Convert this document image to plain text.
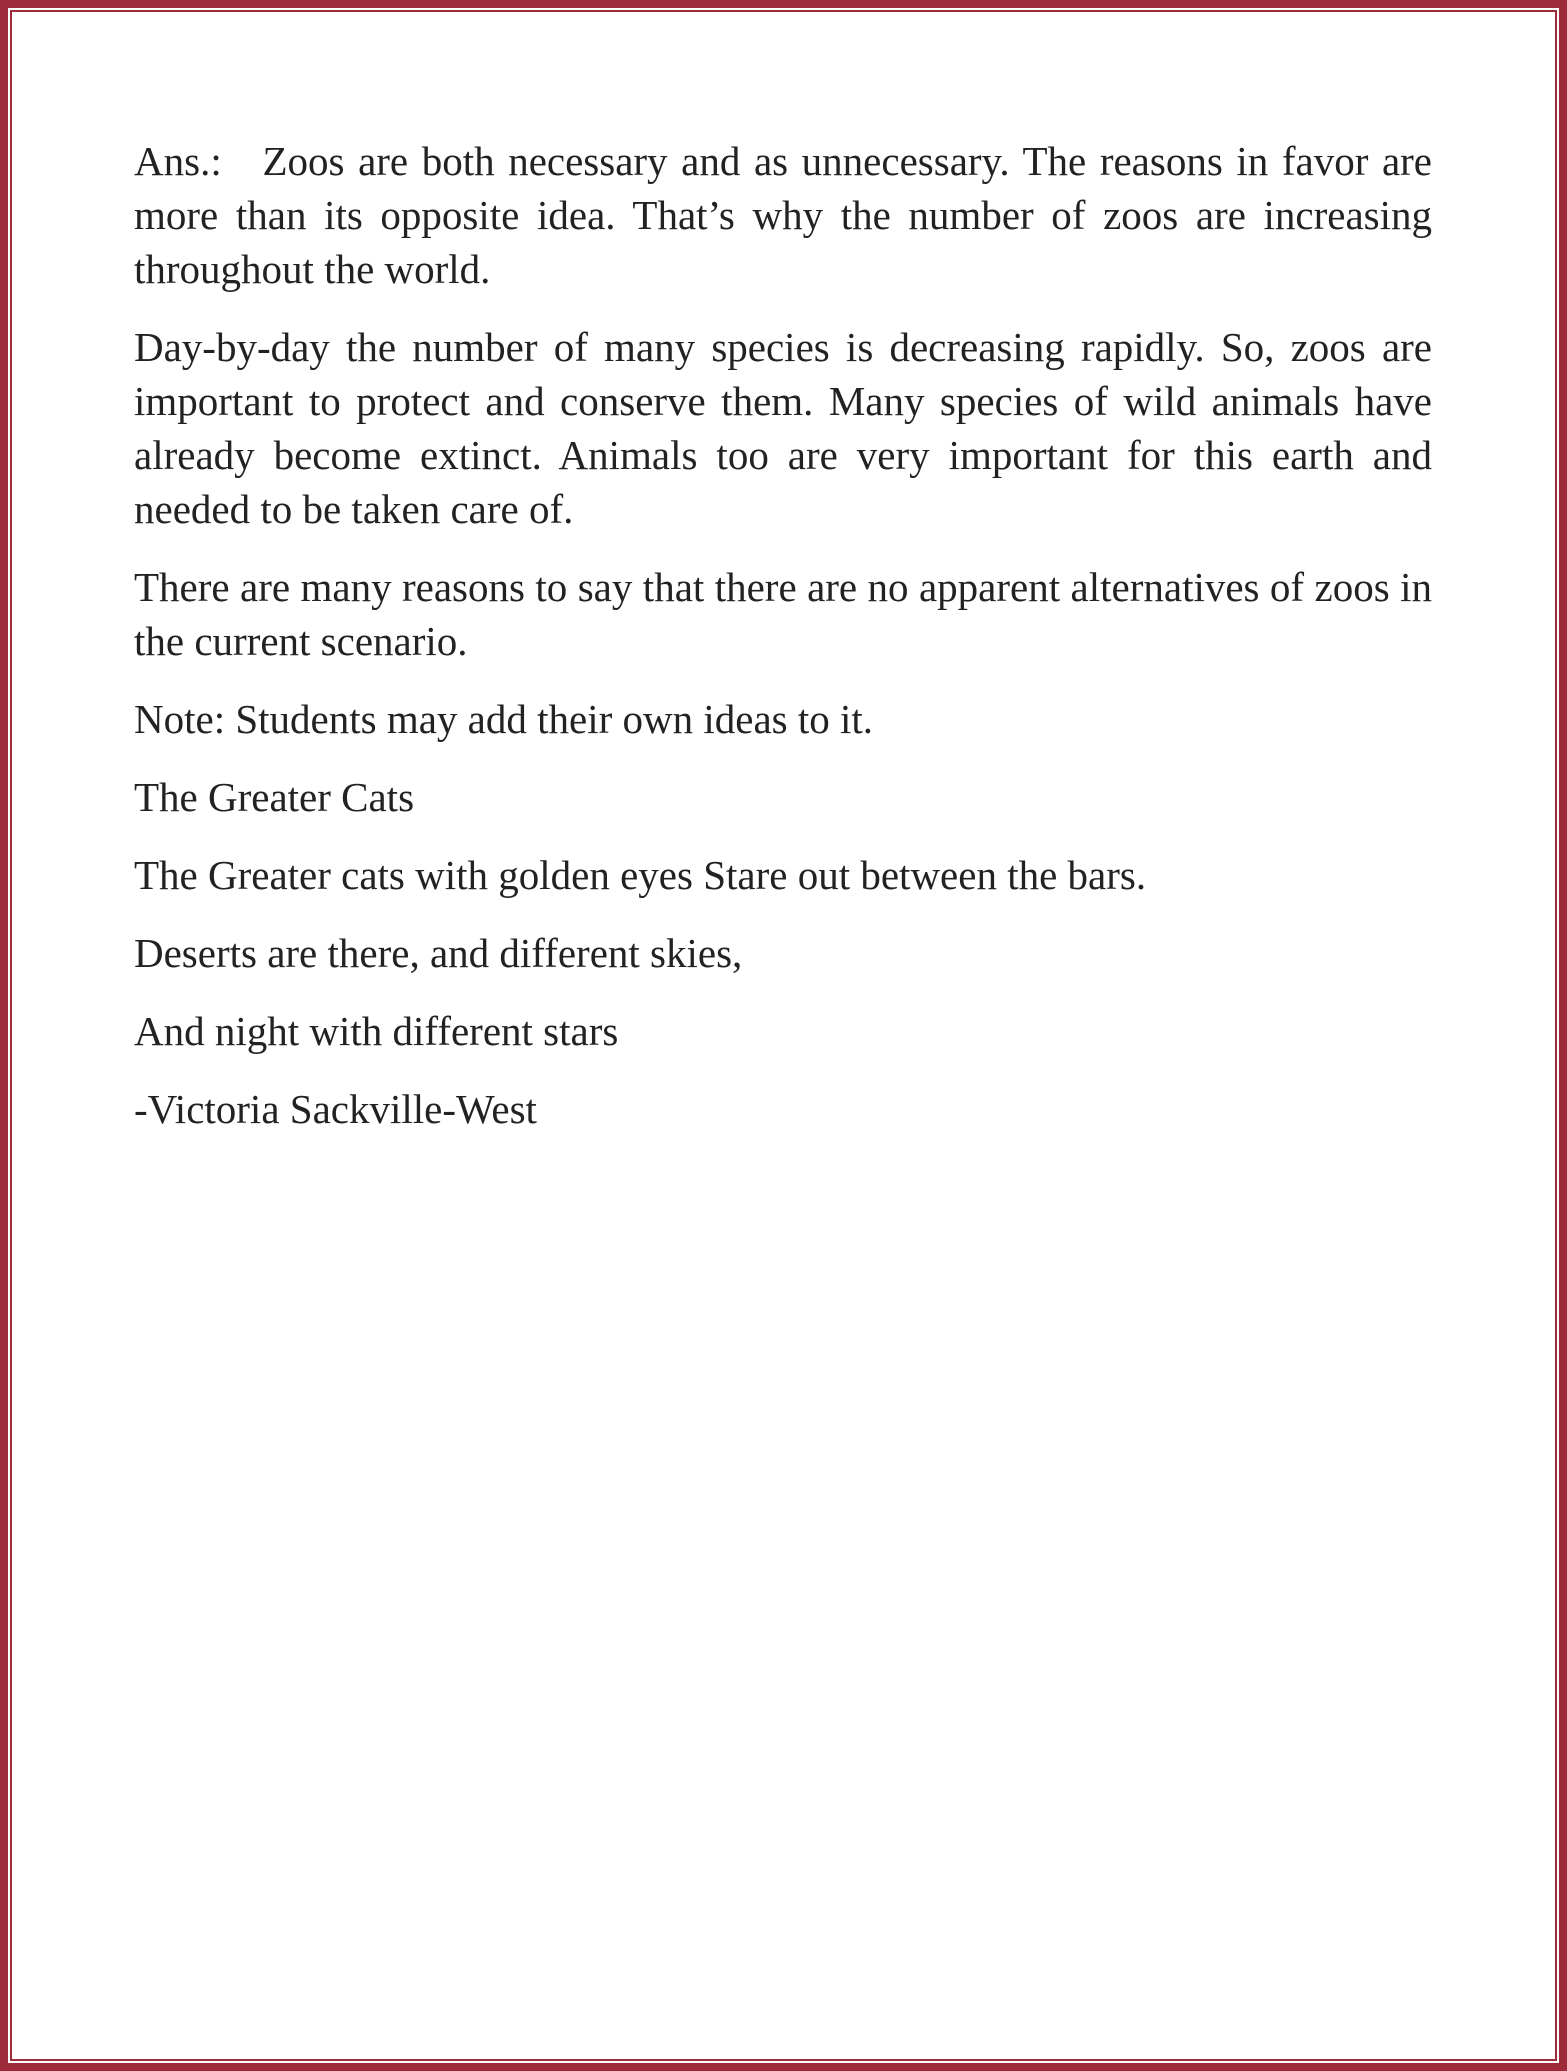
Ans.:   Zoos are both necessary and as unnecessary. The reasons in favor are more than its opposite idea. That’s why the number of zoos are increasing throughout the world.

Day-by-day the number of many species is decreasing rapidly. So, zoos are important to protect and conserve them. Many species of wild animals have already become extinct. Animals too are very important for this earth and needed to be taken care of.

There are many reasons to say that there are no apparent alternatives of zoos in the current scenario.

Note: Students may add their own ideas to it.

The Greater Cats

The Greater cats with golden eyes Stare out between the bars.

Deserts are there, and different skies,

And night with different stars

-Victoria Sackville-West
